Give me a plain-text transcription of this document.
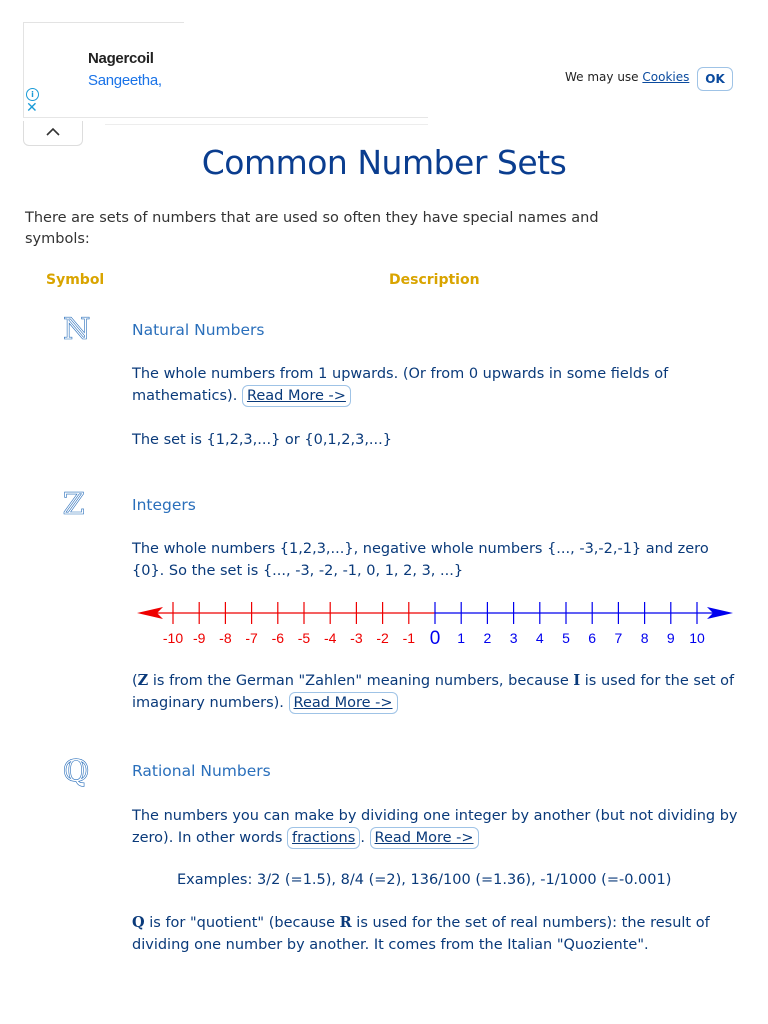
Nagercoil
Sangeetha,
i
✕
We may use Cookies	OK
Common Number Sets

There are sets of numbers that are used so often they have special names and symbols:

Symbol	Description
ℕ	Natural Numbers

The whole numbers from 1 upwards. (Or from 0 upwards in some fields of mathematics). Read More ->

The set is {1,2,3,...} or {0,1,2,3,...}

ℤ	Integers

The whole numbers {1,2,3,...}, negative whole numbers {..., -3,-2,-1} and zero {0}. So the set is {..., -3, -2, -1, 0, 1, 2, 3, ...}

-10 -9 -8 -7 -6 -5 -4 -3 -2 -1 0 1 2 3 4 5 6 7 8 9 10

(Z is from the German "Zahlen" meaning numbers, because I is used for the set of imaginary numbers). Read More ->

ℚ	Rational Numbers

The numbers you can make by dividing one integer by another (but not dividing by zero). In other words fractions . Read More ->

Examples: 3/2 (=1.5), 8/4 (=2), 136/100 (=1.36), -1/1000 (=-0.001)

Q is for "quotient" (because R is used for the set of real numbers): the result of dividing one number by another. It comes from the Italian "Quoziente".
